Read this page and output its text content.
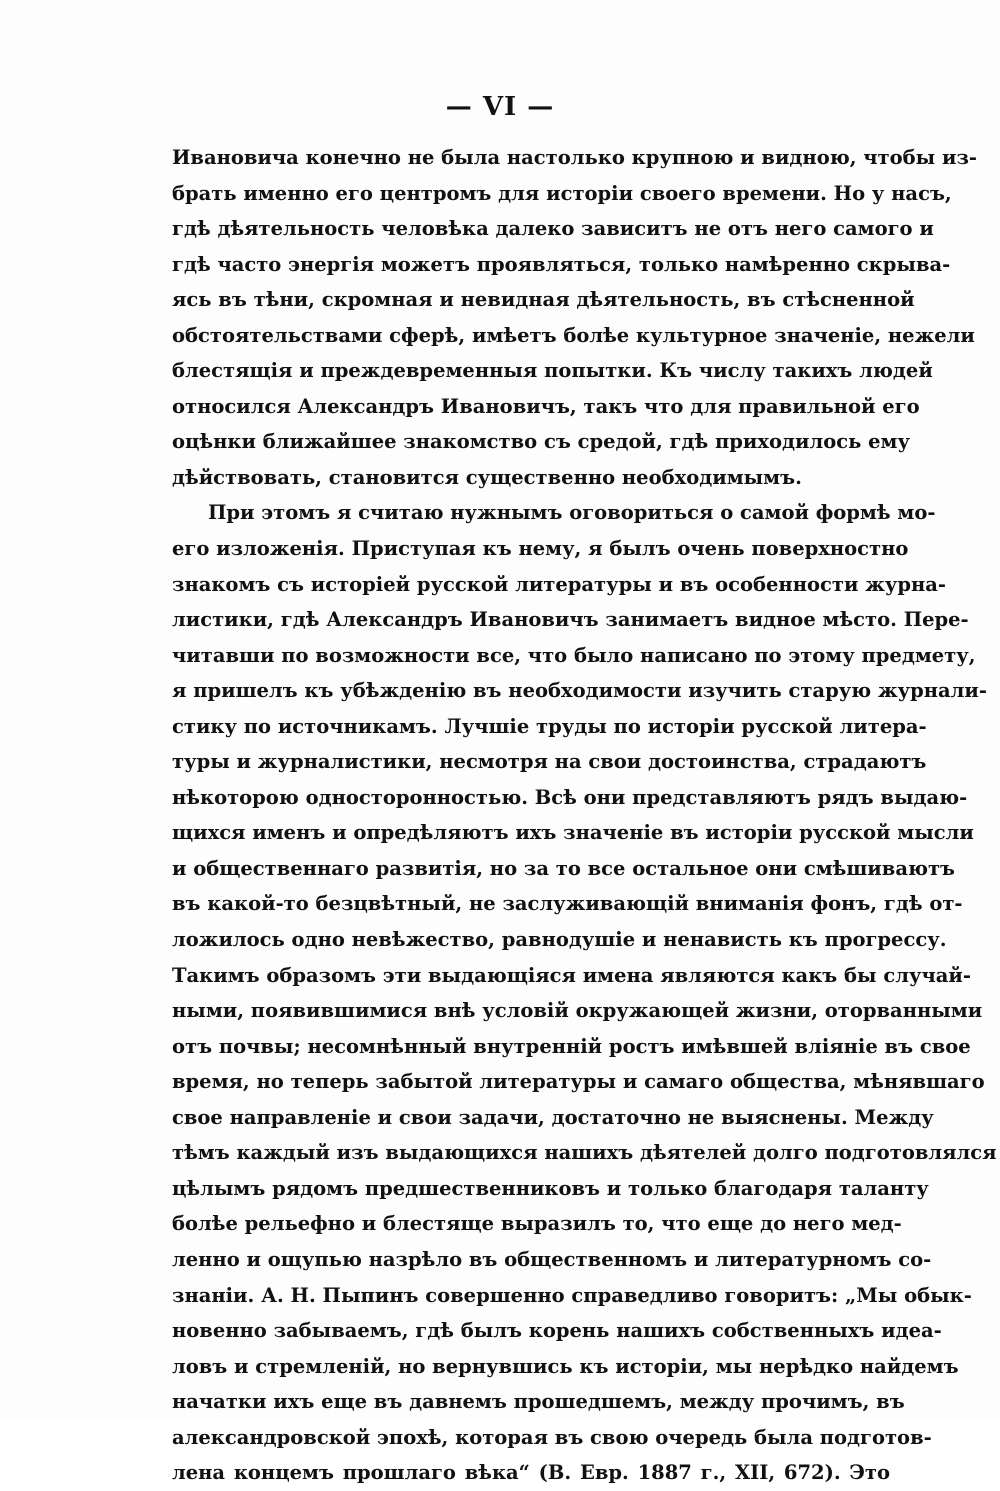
— VI —
Ивановича конечно не была настолько крупною и видною, чтобы из-
брать именно его центромъ для исторіи своего времени. Но у насъ,
гдѣ дѣятельность человѣка далеко зависитъ не отъ него самого и
гдѣ часто энергія можетъ проявляться, только намѣренно скрыва-
ясь въ тѣни, скромная и невидная дѣятельность, въ стѣсненной
обстоятельствами сферѣ, имѣетъ болѣе культурное значеніе, нежели
блестящія и преждевременныя попытки. Къ числу такихъ людей
относился Александръ Ивановичъ, такъ что для правильной его
оцѣнки ближайшее знакомство съ средой, гдѣ приходилось ему
дѣйствовать, становится существенно необходимымъ.
При этомъ я считаю нужнымъ оговориться о самой формѣ мо-
его изложенія. Приступая къ нему, я былъ очень поверхностно
знакомъ съ исторіей русской литературы и въ особенности журна-
листики, гдѣ Александръ Ивановичъ занимаетъ видное мѣсто. Пере-
читавши по возможности все, что было написано по этому предмету,
я пришелъ къ убѣжденію въ необходимости изучить старую журнали-
стику по источникамъ. Лучшіе труды по исторіи русской литера-
туры и журналистики, несмотря на свои достоинства, страдаютъ
нѣкоторою односторонностью. Всѣ они представляютъ рядъ выдаю-
щихся именъ и опредѣляютъ ихъ значеніе въ исторіи русской мысли
и общественнаго развитія, но за то все остальное они смѣшиваютъ
въ какой-то безцвѣтный, не заслуживающій вниманія фонъ, гдѣ от-
ложилось одно невѣжество, равнодушіе и ненависть къ прогрессу.
Такимъ образомъ эти выдающіяся имена являются какъ бы случай-
ными, появившимися внѣ условій окружающей жизни, оторванными
отъ почвы; несомнѣнный внутренній ростъ имѣвшей вліяніе въ свое
время, но теперь забытой литературы и самаго общества, мѣнявшаго
свое направленіе и свои задачи, достаточно не выяснены. Между
тѣмъ каждый изъ выдающихся нашихъ дѣятелей долго подготовлялся
цѣлымъ рядомъ предшественниковъ и только благодаря таланту
болѣе рельефно и блестяще выразилъ то, что еще до него мед-
ленно и ощупью назрѣло въ общественномъ и литературномъ со-
знаніи. А. Н. Пыпинъ совершенно справедливо говоритъ: „Мы обык-
новенно забываемъ, гдѣ былъ корень нашихъ собственныхъ идеа-
ловъ и стремленій, но вернувшись къ исторіи, мы нерѣдко найдемъ
начатки ихъ еще въ давнемъ прошедшемъ, между прочимъ, въ
александровской эпохѣ, которая въ свою очередь была подготов-
лена концемъ прошлаго вѣка“ (В. Евр. 1887 г., XII, 672). Это
